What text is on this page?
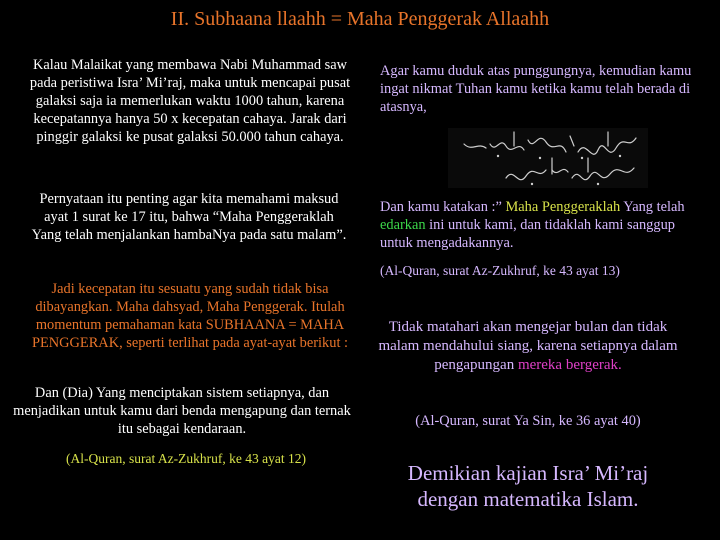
II. Subhaana llaahh = Maha Penggerak Allaahh

Kalau Malaikat yang membawa Nabi Muhammad saw pada peristiwa Isra’ Mi’raj, maka untuk mencapai pusat galaksi saja ia memerlukan waktu 1000 tahun, karena kecepatannya hanya 50 x kecepatan cahaya. Jarak dari pinggir galaksi ke pusat galaksi 50.000 tahun cahaya.

Pernyataan itu penting agar kita memahami maksud ayat 1 surat ke 17 itu, bahwa “Maha Penggeraklah Yang telah menjalankan hambaNya pada satu malam”.

Jadi kecepatan itu sesuatu yang sudah tidak bisa dibayangkan. Maha dahsyad, Maha Penggerak. Itulah momentum pemahaman kata SUBHAANA = MAHA PENGGERAK, seperti terlihat pada ayat-ayat berikut :

Dan (Dia) Yang menciptakan sistem setiapnya, dan menjadikan untuk kamu dari benda mengapung dan ternak itu sebagai kendaraan.

(Al-Quran, surat Az-Zukhruf, ke 43 ayat 12)

Agar kamu duduk atas punggungnya, kemudian kamu ingat nikmat Tuhan kamu ketika kamu telah berada di atasnya,

Dan kamu katakan :” Maha Penggeraklah Yang telah edarkan ini untuk kami, dan tidaklah kami sanggup untuk mengadakannya.

(Al-Quran, surat Az-Zukhruf, ke 43 ayat 13)

Tidak matahari akan mengejar bulan dan tidak malam mendahului siang, karena setiapnya dalam pengapungan mereka bergerak.

(Al-Quran, surat Ya Sin, ke 36 ayat 40)

Demikian kajian Isra’ Mi’raj dengan matematika Islam.
